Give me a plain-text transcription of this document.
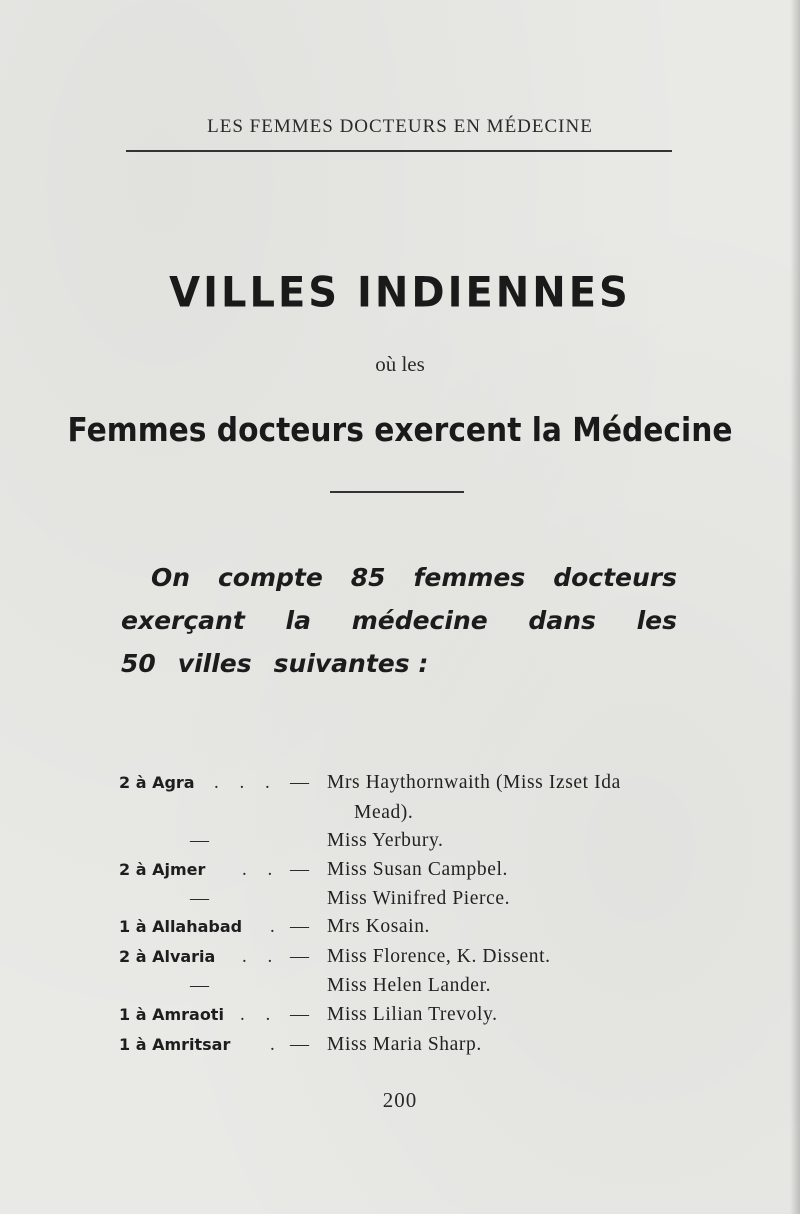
LES FEMMES DOCTEURS EN MÉDECINE
VILLES INDIENNES
où les
Femmes docteurs exercent la Médecine
On compte 85 femmes docteurs
exerçant la médecine dans les
50 villes suivantes :
2 à Agra . . . — Mrs Haythornwaith (Miss Izset Ida
Mead).
—	Miss Yerbury.
2 à Ajmer . . — Miss Susan Campbel.
—	Miss Winifred Pierce.
1 à Allahabad . — Mrs Kosain.
2 à Alvaria . . — Miss Florence, K. Dissent.
—	Miss Helen Lander.
1 à Amraoti . . — Miss Lilian Trevoly.
1 à Amritsar . — Miss Maria Sharp.
200
